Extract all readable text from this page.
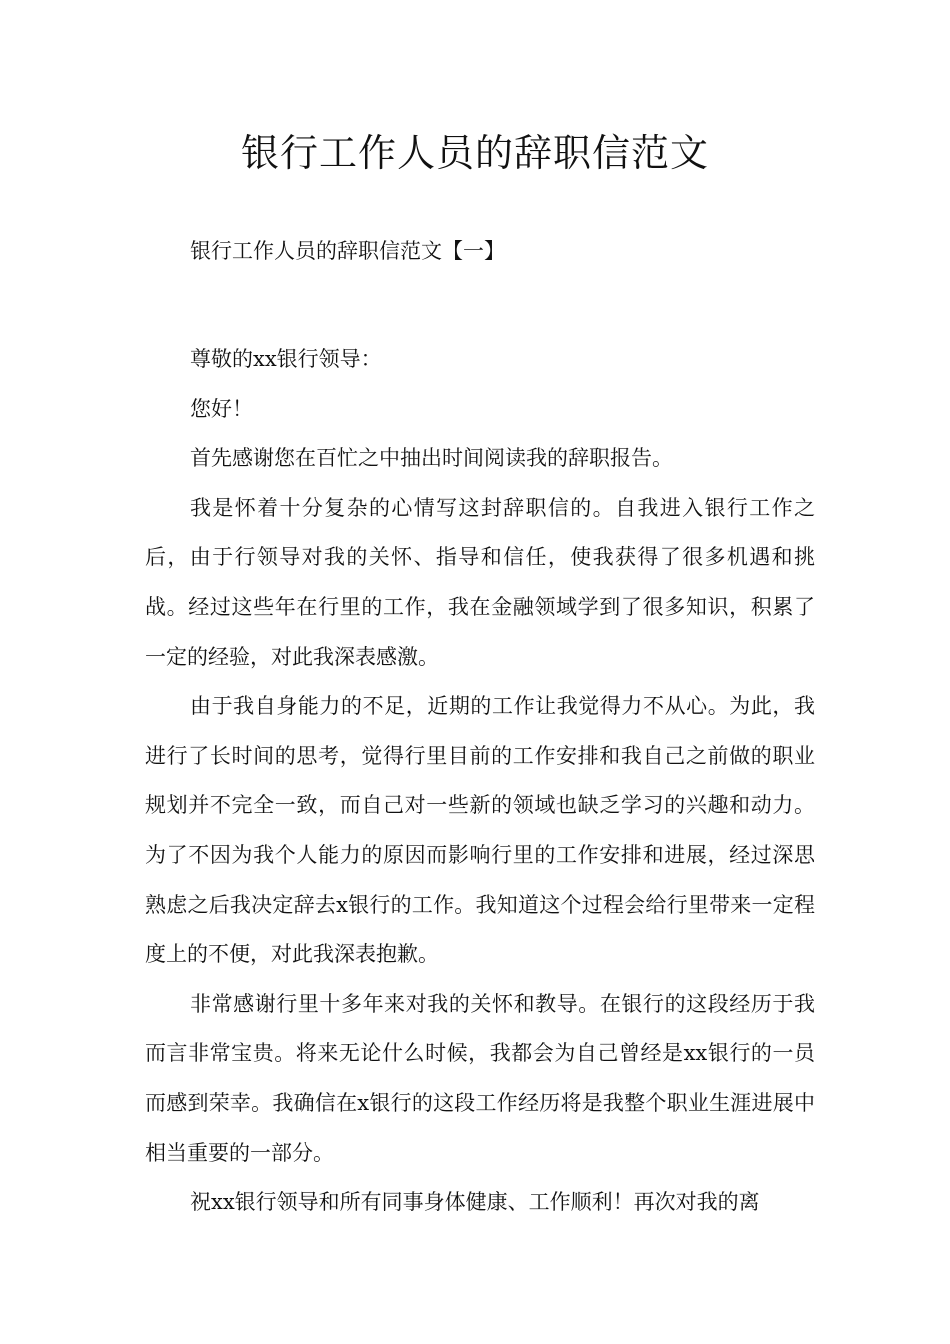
银行工作人员的辞职信范文

银行工作人员的辞职信范文【一】

尊敬的xx银行领导：

您好！

首先感谢您在百忙之中抽出时间阅读我的辞职报告。

我是怀着十分复杂的心情写这封辞职信的。自我进入银行工作之后，由于行领导对我的关怀、指导和信任，使我获得了很多机遇和挑战。经过这些年在行里的工作，我在金融领域学到了很多知识，积累了一定的经验，对此我深表感激。

由于我自身能力的不足，近期的工作让我觉得力不从心。为此，我进行了长时间的思考，觉得行里目前的工作安排和我自己之前做的职业规划并不完全一致，而自己对一些新的领域也缺乏学习的兴趣和动力。为了不因为我个人能力的原因而影响行里的工作安排和进展，经过深思熟虑之后我决定辞去x银行的工作。我知道这个过程会给行里带来一定程度上的不便，对此我深表抱歉。

非常感谢行里十多年来对我的关怀和教导。在银行的这段经历于我而言非常宝贵。将来无论什么时候，我都会为自己曾经是xx银行的一员而感到荣幸。我确信在x银行的这段工作经历将是我整个职业生涯进展中相当重要的一部分。

祝xx银行领导和所有同事身体健康、工作顺利！再次对我的离
